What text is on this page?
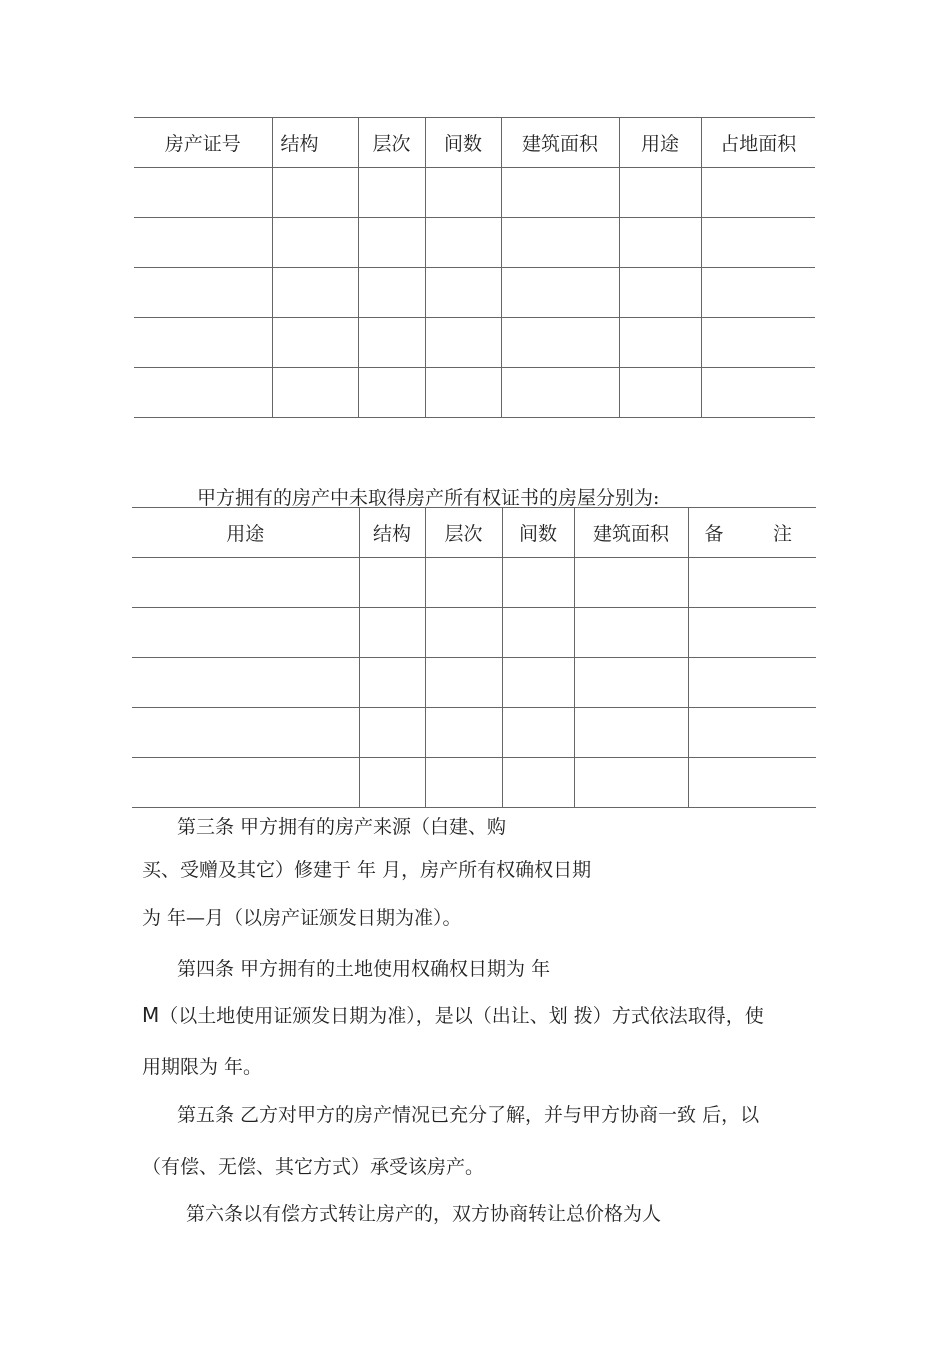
房产证号	结构	层次	间数	建筑面积	用途	占地面积

甲方拥有的房产中未取得房产所有权证书的房屋分别为:
用途	结构	层次	间数	建筑面积	备 注

第三条 甲方拥有的房产来源（白建、购
买、受赠及其它）修建于 年 月，房产所有权确权日期
为 年—月（以房产证颁发日期为准）。
第四条 甲方拥有的土地使用权确权日期为 年
M（以土地使用证颁发日期为准），是以（出让、划 拨）方式依法取得，使
用期限为 年。
第五条 乙方对甲方的房产情况已充分了解，并与甲方协商一致 后，以
（有偿、无偿、其它方式）承受该房产。
第六条以有偿方式转让房产的，双方协商转让总价格为人
